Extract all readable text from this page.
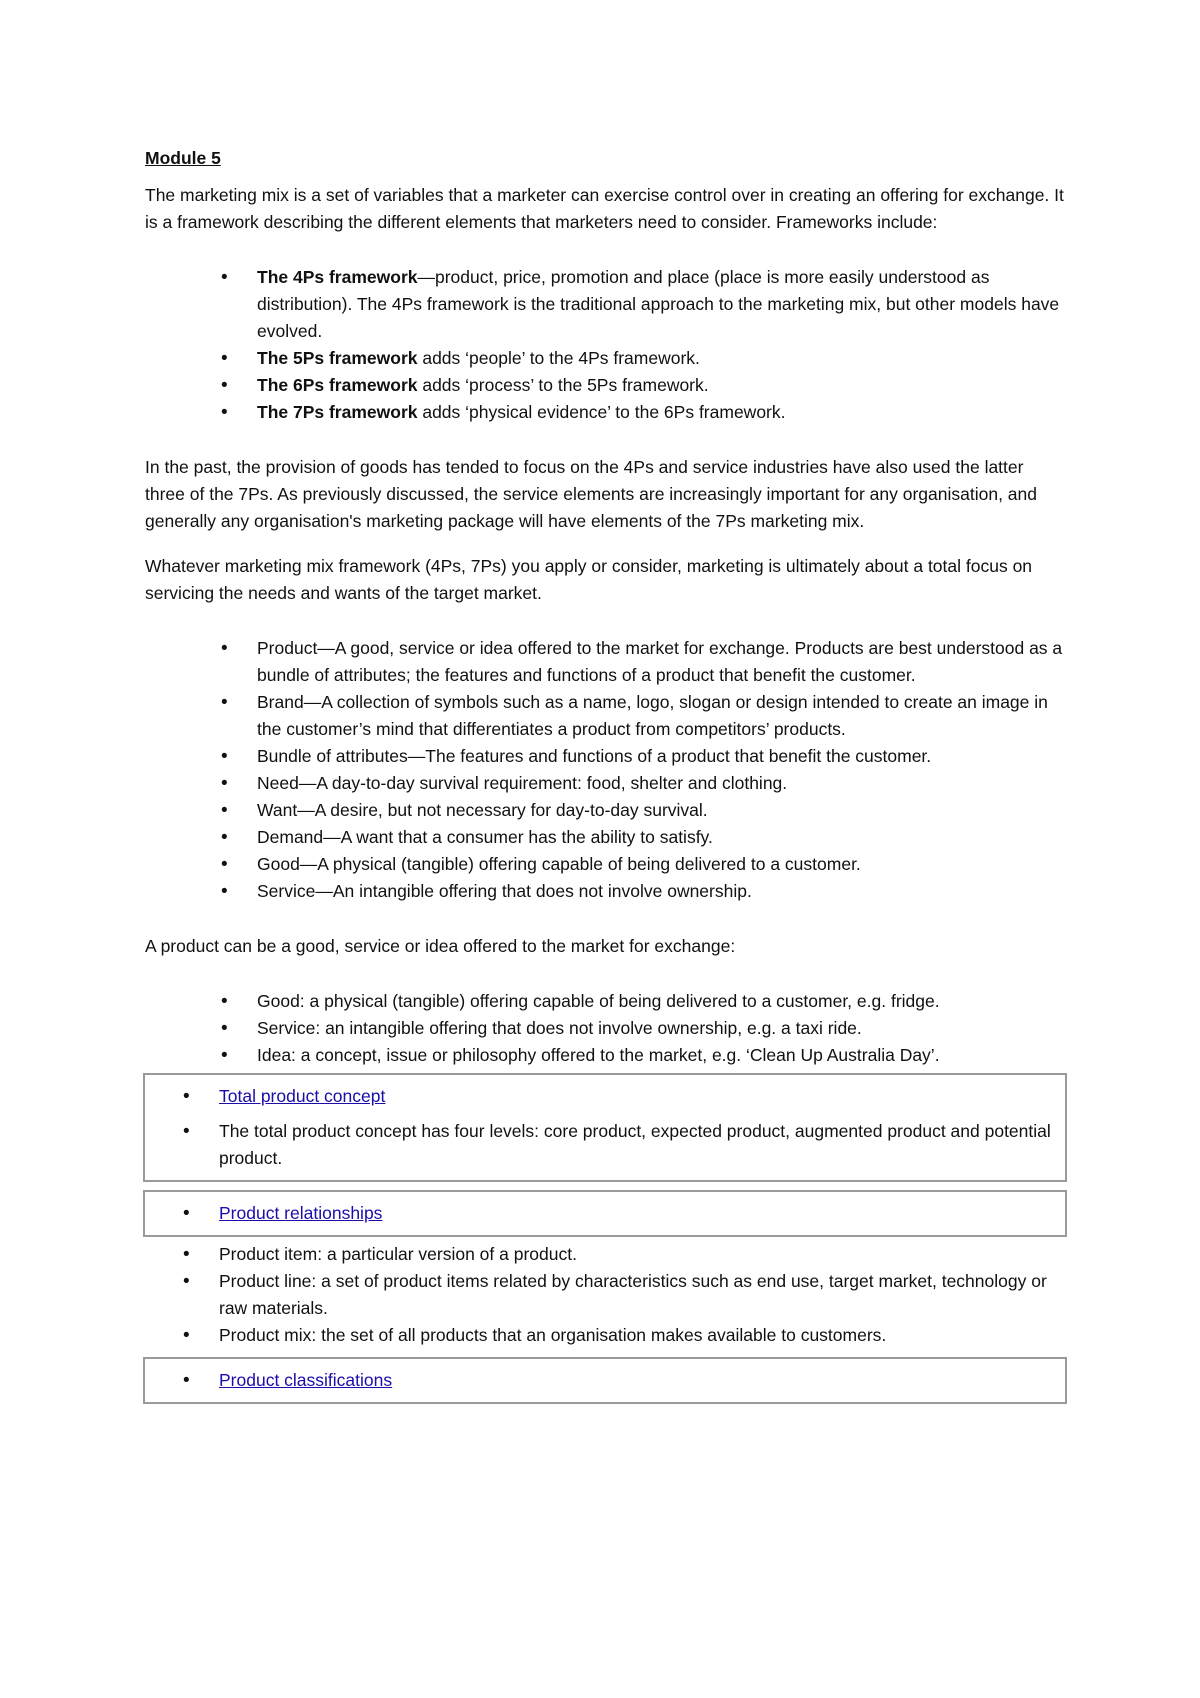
Module 5

The marketing mix is a set of variables that a marketer can exercise control over in creating an offering for exchange. It is a framework describing the different elements that marketers need to consider. Frameworks include:

• The 4Ps framework—product, price, promotion and place (place is more easily understood as distribution). The 4Ps framework is the traditional approach to the marketing mix, but other models have evolved.
• The 5Ps framework adds ‘people’ to the 4Ps framework.
• The 6Ps framework adds ‘process’ to the 5Ps framework.
• The 7Ps framework adds ‘physical evidence’ to the 6Ps framework.

In the past, the provision of goods has tended to focus on the 4Ps and service industries have also used the latter three of the 7Ps. As previously discussed, the service elements are increasingly important for any organisation, and generally any organisation's marketing package will have elements of the 7Ps marketing mix.

Whatever marketing mix framework (4Ps, 7Ps) you apply or consider, marketing is ultimately about a total focus on servicing the needs and wants of the target market.

• Product—A good, service or idea offered to the market for exchange. Products are best understood as a bundle of attributes; the features and functions of a product that benefit the customer.
• Brand—A collection of symbols such as a name, logo, slogan or design intended to create an image in the customer’s mind that differentiates a product from competitors’ products.
• Bundle of attributes—The features and functions of a product that benefit the customer.
• Need—A day-to-day survival requirement: food, shelter and clothing.
• Want—A desire, but not necessary for day-to-day survival.
• Demand—A want that a consumer has the ability to satisfy.
• Good—A physical (tangible) offering capable of being delivered to a customer.
• Service—An intangible offering that does not involve ownership.

A product can be a good, service or idea offered to the market for exchange:

• Good: a physical (tangible) offering capable of being delivered to a customer, e.g. fridge.
• Service: an intangible offering that does not involve ownership, e.g. a taxi ride.
• Idea: a concept, issue or philosophy offered to the market, e.g. ‘Clean Up Australia Day’.
• Total product concept
• The total product concept has four levels: core product, expected product, augmented product and potential product.
• Product relationships
• Product item: a particular version of a product.
• Product line: a set of product items related by characteristics such as end use, target market, technology or raw materials.
• Product mix: the set of all products that an organisation makes available to customers.
• Product classifications
